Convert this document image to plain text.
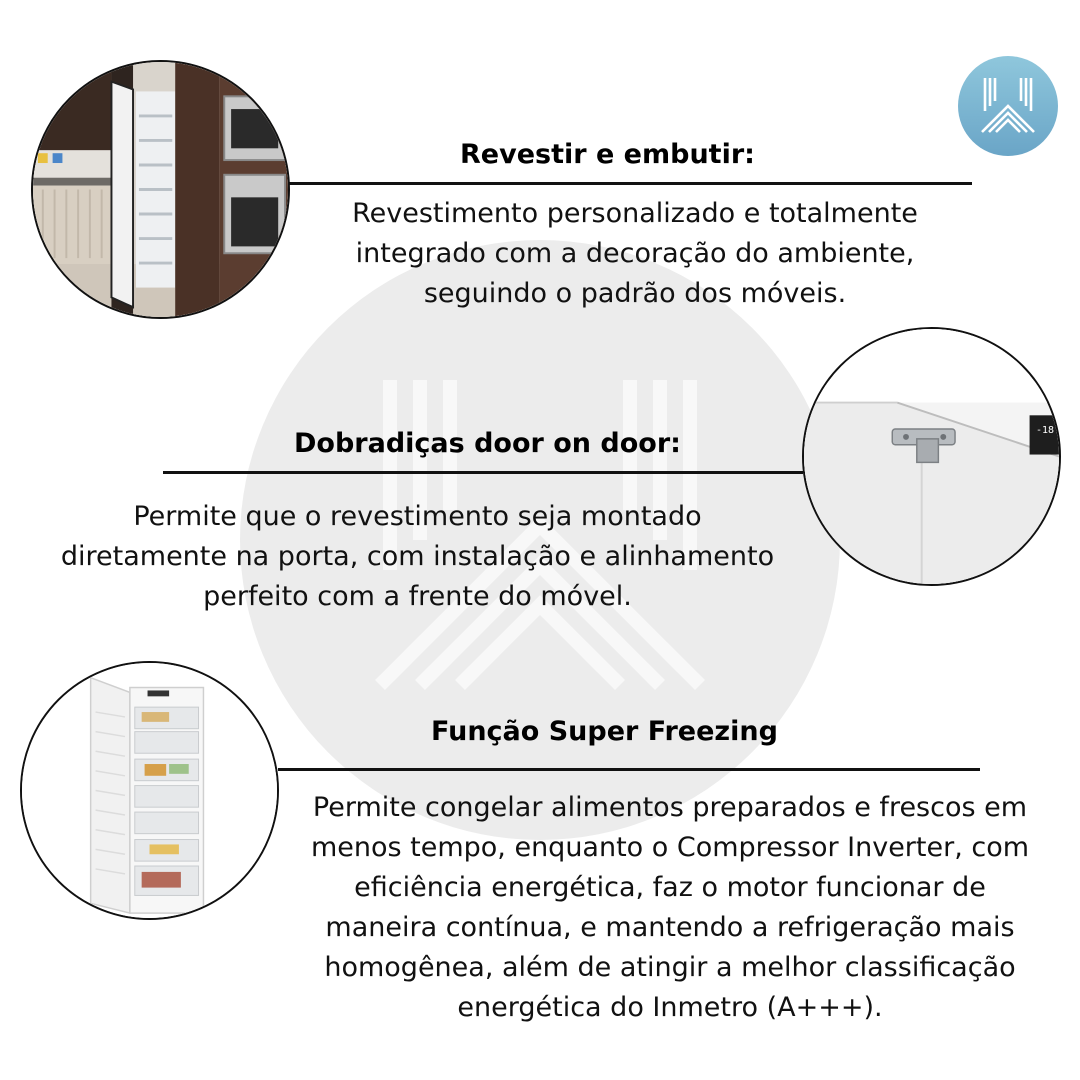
-18
Revestir e embutir:
Revestimento personalizado e totalmente
integrado com a decoração do ambiente,
seguindo o padrão dos móveis.
Dobradiças door on door:
Permite que o revestimento seja montado
diretamente na porta, com instalação e alinhamento
perfeito com a frente do móvel.
Função Super Freezing
Permite congelar alimentos preparados e frescos em
menos tempo, enquanto o Compressor Inverter, com
eficiência energética, faz o motor funcionar de
maneira contínua, e mantendo a refrigeração mais
homogênea, além de atingir a melhor classificação
energética do Inmetro (A+++).
